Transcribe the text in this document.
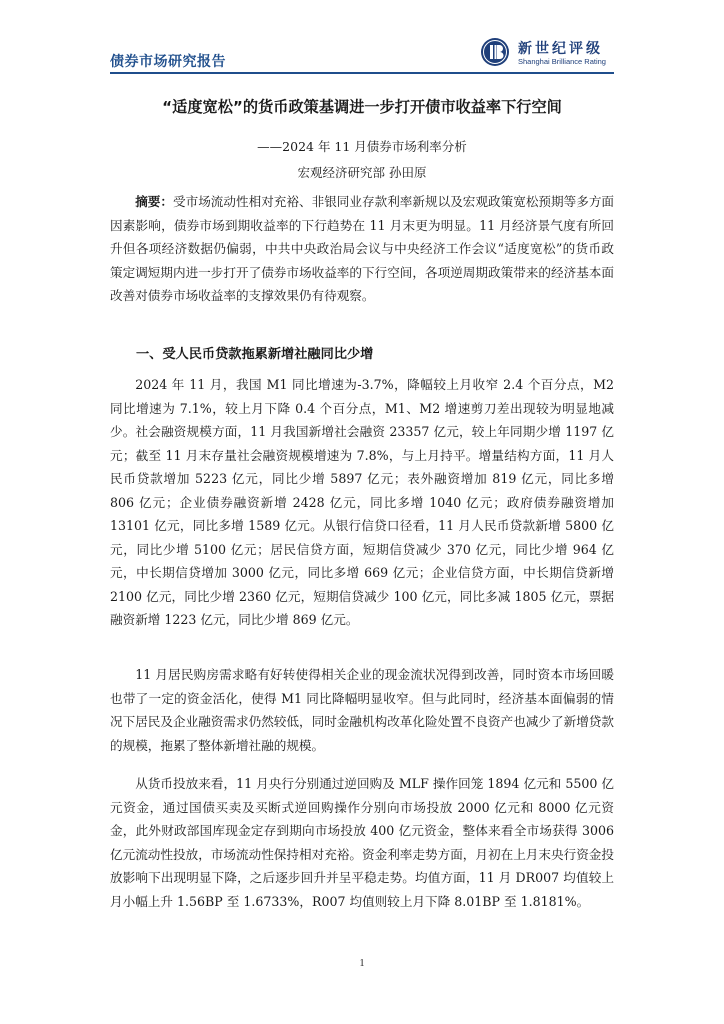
债券市场研究报告
新世纪评级
Shanghai Brilliance Rating
“适度宽松”的货币政策基调进一步打开债市收益率下行空间
——2024 年 11 月债券市场利率分析
宏观经济研究部 孙田原
摘要：受市场流动性相对充裕、非银同业存款利率新规以及宏观政策宽松预期等多方面因素影响，债券市场到期收益率的下行趋势在 11 月末更为明显。11 月经济景气度有所回升但各项经济数据仍偏弱，中共中央政治局会议与中央经济工作会议“适度宽松”的货币政策定调短期内进一步打开了债券市场收益率的下行空间，各项逆周期政策带来的经济基本面改善对债券市场收益率的支撑效果仍有待观察。
一、受人民币贷款拖累新增社融同比少增
2024 年 11 月，我国 M1 同比增速为-3.7%，降幅较上月收窄 2.4 个百分点，M2 同比增速为 7.1%，较上月下降 0.4 个百分点，M1、M2 增速剪刀差出现较为明显地减少。社会融资规模方面，11 月我国新增社会融资 23357 亿元，较上年同期少增 1197 亿元；截至 11 月末存量社会融资规模增速为 7.8%，与上月持平。增量结构方面，11 月人民币贷款增加 5223 亿元，同比少增 5897 亿元；表外融资增加 819 亿元，同比多增 806 亿元；企业债券融资新增 2428 亿元，同比多增 1040 亿元；政府债券融资增加 13101 亿元，同比多增 1589 亿元。从银行信贷口径看，11 月人民币贷款新增 5800 亿元，同比少增 5100 亿元；居民信贷方面，短期信贷减少 370 亿元，同比少增 964 亿元，中长期信贷增加 3000 亿元，同比多增 669 亿元；企业信贷方面，中长期信贷新增 2100 亿元，同比少增 2360 亿元，短期信贷减少 100 亿元，同比多减 1805 亿元，票据融资新增 1223 亿元，同比少增 869 亿元。
11 月居民购房需求略有好转使得相关企业的现金流状况得到改善，同时资本市场回暖也带了一定的资金活化，使得 M1 同比降幅明显收窄。但与此同时，经济基本面偏弱的情况下居民及企业融资需求仍然较低，同时金融机构改革化险处置不良资产也减少了新增贷款的规模，拖累了整体新增社融的规模。
从货币投放来看，11 月央行分别通过逆回购及 MLF 操作回笼 1894 亿元和 5500 亿元资金，通过国债买卖及买断式逆回购操作分别向市场投放 2000 亿元和 8000 亿元资金，此外财政部国库现金定存到期向市场投放 400 亿元资金，整体来看全市场获得 3006 亿元流动性投放，市场流动性保持相对充裕。资金利率走势方面，月初在上月末央行资金投放影响下出现明显下降，之后逐步回升并呈平稳走势。均值方面，11 月 DR007 均值较上月小幅上升 1.56BP 至 1.6733%，R007 均值则较上月下降 8.01BP 至 1.8181%。
1
